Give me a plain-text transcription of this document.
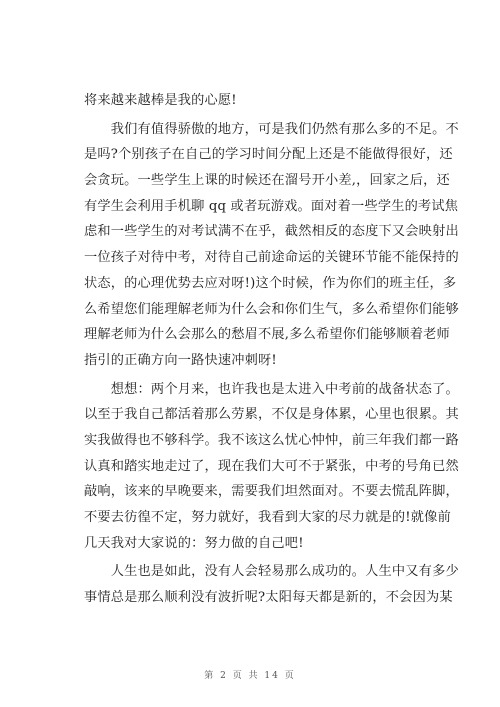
将来越来越棒是我的心愿!
　　我们有值得骄傲的地方，可是我们仍然有那么多的不足。不
是吗?个别孩子在自己的学习时间分配上还是不能做得很好，还
会贪玩。一些学生上课的时候还在溜号开小差,，回家之后，还
有学生会利用手机聊 qq 或者玩游戏。面对着一些学生的考试焦
虑和一些学生的对考试满不在乎，截然相反的态度下又会映射出
一位孩子对待中考，对待自己前途命运的关键环节能不能保持的
状态，的心理优势去应对呀!)这个时候，作为你们的班主任，多
么希望您们能理解老师为什么会和你们生气，多么希望你们能够
理解老师为什么会那么的愁眉不展,多么希望你们能够顺着老师
指引的正确方向一路快速冲刺呀!
　　想想：两个月来，也许我也是太进入中考前的战备状态了。
以至于我自己都活着那么劳累，不仅是身体累，心里也很累。其
实我做得也不够科学。我不该这么忧心忡忡，前三年我们都一路
认真和踏实地走过了，现在我们大可不于紧张，中考的号角已然
敲响，该来的早晚要来，需要我们坦然面对。不要去慌乱阵脚，
不要去彷徨不定，努力就好，我看到大家的尽力就是的!就像前
几天我对大家说的：努力做的自己吧!
　　人生也是如此，没有人会轻易那么成功的。人生中又有多少
事情总是那么顺利没有波折呢?太阳每天都是新的，不会因为某
第 2 页 共 14 页
